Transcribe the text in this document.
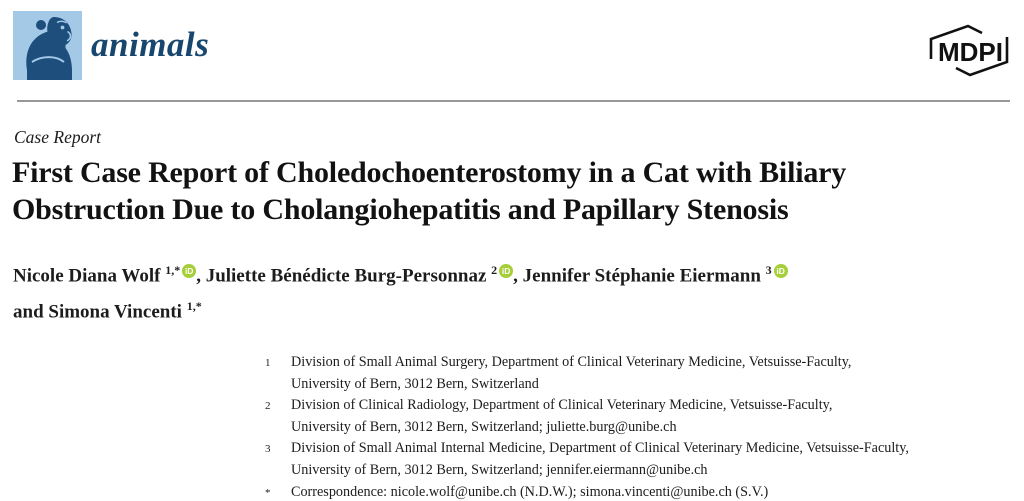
animals	MDPI
Case Report
First Case Report of Choledochoenterostomy in a Cat with Biliary
Obstruction Due to Cholangiohepatitis and Papillary Stenosis
Nicole Diana Wolf $^{1,*}$ iD , Juliette Bénédicte Burg-Personnaz $^2$ iD , Jennifer Stéphanie Eiermann $^3$ iD
and Simona Vincenti $^{1,*}$
1	Division of Small Animal Surgery, Department of Clinical Veterinary Medicine, Vetsuisse-Faculty,
University of Bern, 3012 Bern, Switzerland
2	Division of Clinical Radiology, Department of Clinical Veterinary Medicine, Vetsuisse-Faculty,
University of Bern, 3012 Bern, Switzerland; juliette.burg@unibe.ch
3	Division of Small Animal Internal Medicine, Department of Clinical Veterinary Medicine, Vetsuisse-Faculty,
University of Bern, 3012 Bern, Switzerland; jennifer.eiermann@unibe.ch
*	Correspondence: nicole.wolf@unibe.ch (N.D.W.); simona.vincenti@unibe.ch (S.V.)
